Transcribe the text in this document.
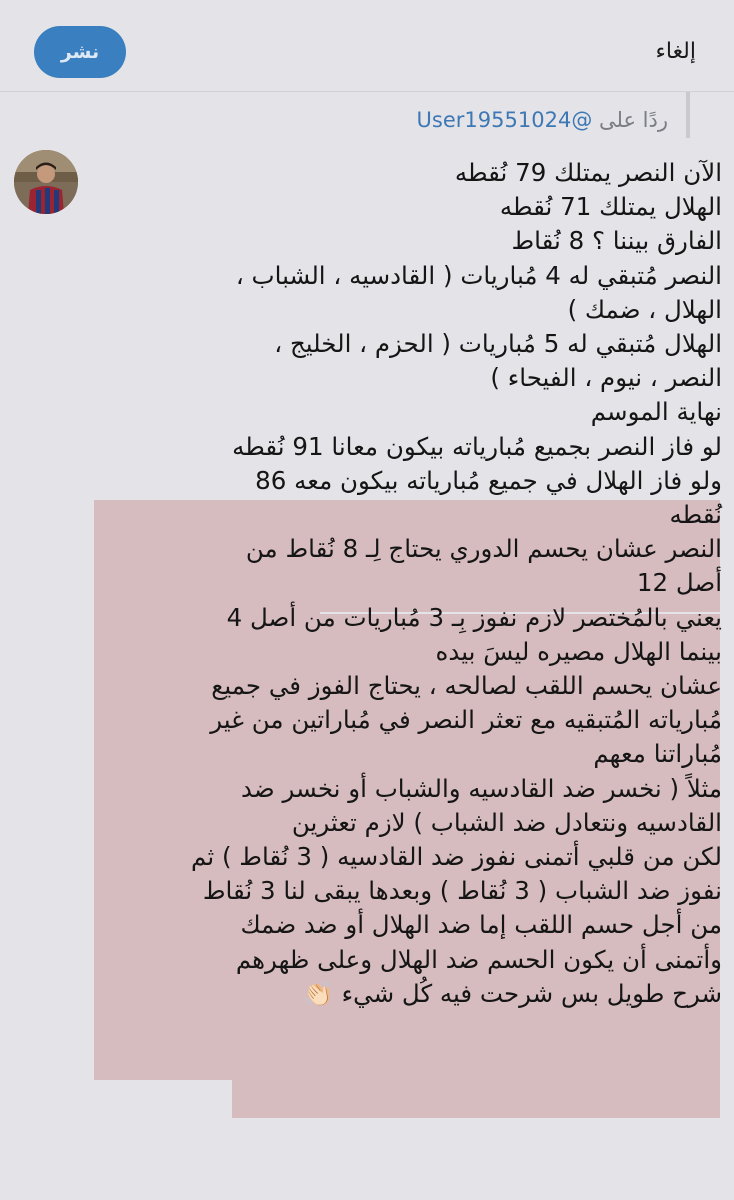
نشر	إلغاء
ردًا على @User19551024
الآن النصر يمتلك 79 نُقطه
الهلال يمتلك 71 نُقطه
الفارق بيننا ؟ 8 نُقاط
النصر مُتبقي له 4 مُباريات ( القادسيه ، الشباب ،
الهلال ، ضمك )
الهلال مُتبقي له 5 مُباريات ( الحزم ، الخليج ،
النصر ، نيوم ، الفيحاء )
نهاية الموسم
لو فاز النصر بجميع مُبارياته بيكون معانا 91 نُقطه
ولو فاز الهلال في جميع مُبارياته بيكون معه 86
نُقطه
النصر عشان يحسم الدوري يحتاج لِـ 8 نُقاط من
أصل 12
يعني بالمُختصر لازم نفوز بِـ 3 مُباريات من أصل 4
بينما الهلال مصيره ليسَ بيده
عشان يحسم اللقب لصالحه ، يحتاج الفوز في جميع
مُبارياته المُتبقيه مع تعثر النصر في مُباراتين من غير
مُباراتنا معهم
مثلاً ( نخسر ضد القادسيه والشباب أو نخسر ضد
القادسيه ونتعادل ضد الشباب ) لازم تعثرين
لكن من قلبي أتمنى نفوز ضد القادسيه ( 3 نُقاط ) ثم
نفوز ضد الشباب ( 3 نُقاط ) وبعدها يبقى لنا 3 نُقاط
من أجل حسم اللقب إما ضد الهلال أو ضد ضمك
وأتمنى أن يكون الحسم ضد الهلال وعلى ظهرهم
شرح طويل بس شرحت فيه كُل شيء 👏🏻
